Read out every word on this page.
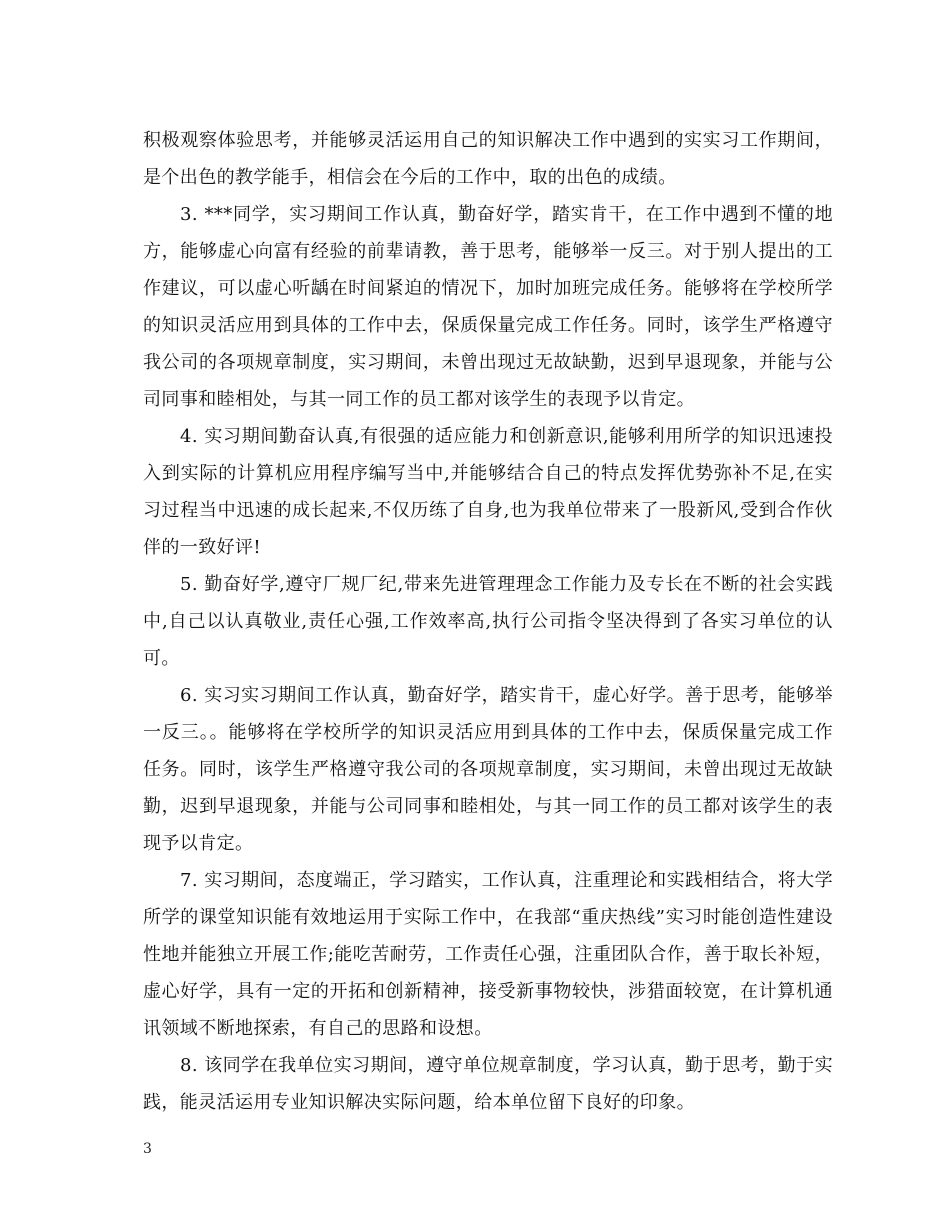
积极观察体验思考，并能够灵活运用自己的知识解决工作中遇到的实实习工作期间，是个出色的教学能手，相信会在今后的工作中，取的出色的成绩。

3. ***同学，实习期间工作认真，勤奋好学，踏实肯干，在工作中遇到不懂的地方，能够虚心向富有经验的前辈请教，善于思考，能够举一反三。对于别人提出的工作建议，可以虚心听龋在时间紧迫的情况下，加时加班完成任务。能够将在学校所学的知识灵活应用到具体的工作中去，保质保量完成工作任务。同时，该学生严格遵守我公司的各项规章制度，实习期间，未曾出现过无故缺勤，迟到早退现象，并能与公司同事和睦相处，与其一同工作的员工都对该学生的表现予以肯定。

4. 实习期间勤奋认真,有很强的适应能力和创新意识,能够利用所学的知识迅速投入到实际的计算机应用程序编写当中,并能够结合自己的特点发挥优势弥补不足,在实习过程当中迅速的成长起来,不仅历练了自身,也为我单位带来了一股新风,受到合作伙伴的一致好评!

5. 勤奋好学,遵守厂规厂纪,带来先进管理理念工作能力及专长在不断的社会实践中,自己以认真敬业,责任心强,工作效率高,执行公司指令坚决得到了各实习单位的认可。

6. 实习实习期间工作认真，勤奋好学，踏实肯干，虚心好学。善于思考，能够举一反三。。能够将在学校所学的知识灵活应用到具体的工作中去，保质保量完成工作任务。同时，该学生严格遵守我公司的各项规章制度，实习期间，未曾出现过无故缺勤，迟到早退现象，并能与公司同事和睦相处，与其一同工作的员工都对该学生的表现予以肯定。

7. 实习期间，态度端正，学习踏实，工作认真，注重理论和实践相结合，将大学所学的课堂知识能有效地运用于实际工作中，在我部“重庆热线”实习时能创造性建设性地并能独立开展工作;能吃苦耐劳，工作责任心强，注重团队合作，善于取长补短，虚心好学，具有一定的开拓和创新精神，接受新事物较快，涉猎面较宽，在计算机通讯领域不断地探索，有自己的思路和设想。

8. 该同学在我单位实习期间，遵守单位规章制度，学习认真，勤于思考，勤于实践，能灵活运用专业知识解决实际问题，给本单位留下良好的印象。

3
